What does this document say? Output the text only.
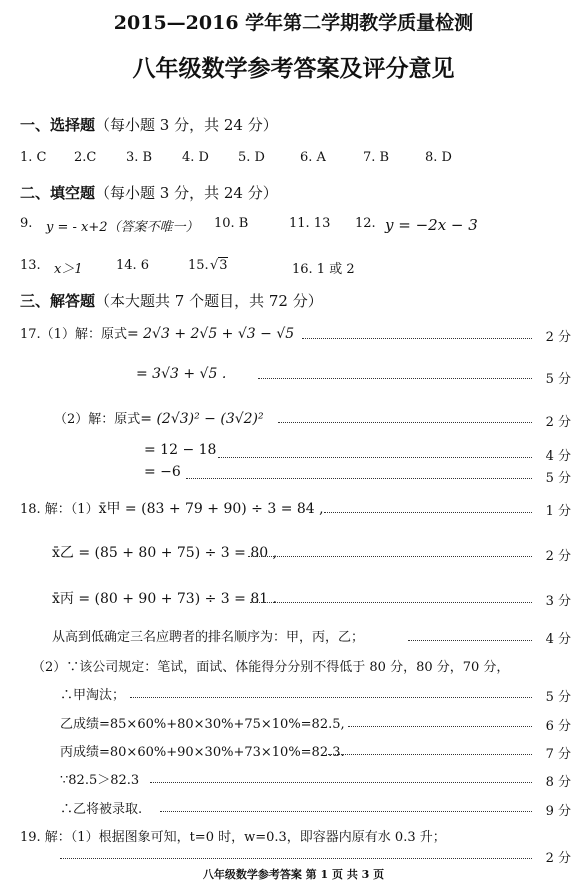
2015—2016 学年第二学期教学质量检测
八年级数学参考答案及评分意见
一、选择题（每小题 3 分，共 24 分）
1. C 2.C 3. B 4. D 5. D	6. A	7. B	8. D
二、填空题（每小题 3 分，共 24 分）
9. y = - x+2（答案不唯一） 10. B	11. 13 12. y = −2x − 3
13. x＞1	14. 6	15. √3	16. 1 或 2
三、解答题（本大题共 7 个题目，共 72 分）
17.（1）解：原式= 2√3 + 2√5 + √3 − √5	2 分
= 3√3 + √5 .	5 分
（2）解：原式= (2√3)² − (3√2)²	2 分
= 12 − 18	4 分
= −6	5 分
18. 解：（1）x̄甲 = (83 + 79 + 90) ÷ 3 = 84 ,	1 分
x̄乙 = (85 + 80 + 75) ÷ 3 = 80 ,	2 分
x̄丙 = (80 + 90 + 73) ÷ 3 = 81 .	3 分
从高到低确定三名应聘者的排名顺序为：甲，丙，乙；	4 分
（2）∵该公司规定：笔试，面试、体能得分分别不得低于 80 分，80 分，70 分，
∴甲淘汰；	5 分
乙成绩=85×60%+80×30%+75×10%=82.5,	6 分
丙成绩=80×60%+90×30%+73×10%=82.3.	7 分
∵82.5＞82.3	8 分
∴乙将被录取.	9 分
19. 解：（1）根据图象可知，t=0 时，w=0.3，即容器内原有水 0.3 升；
2 分
八年级数学参考答案 第 1 页 共 3 页
